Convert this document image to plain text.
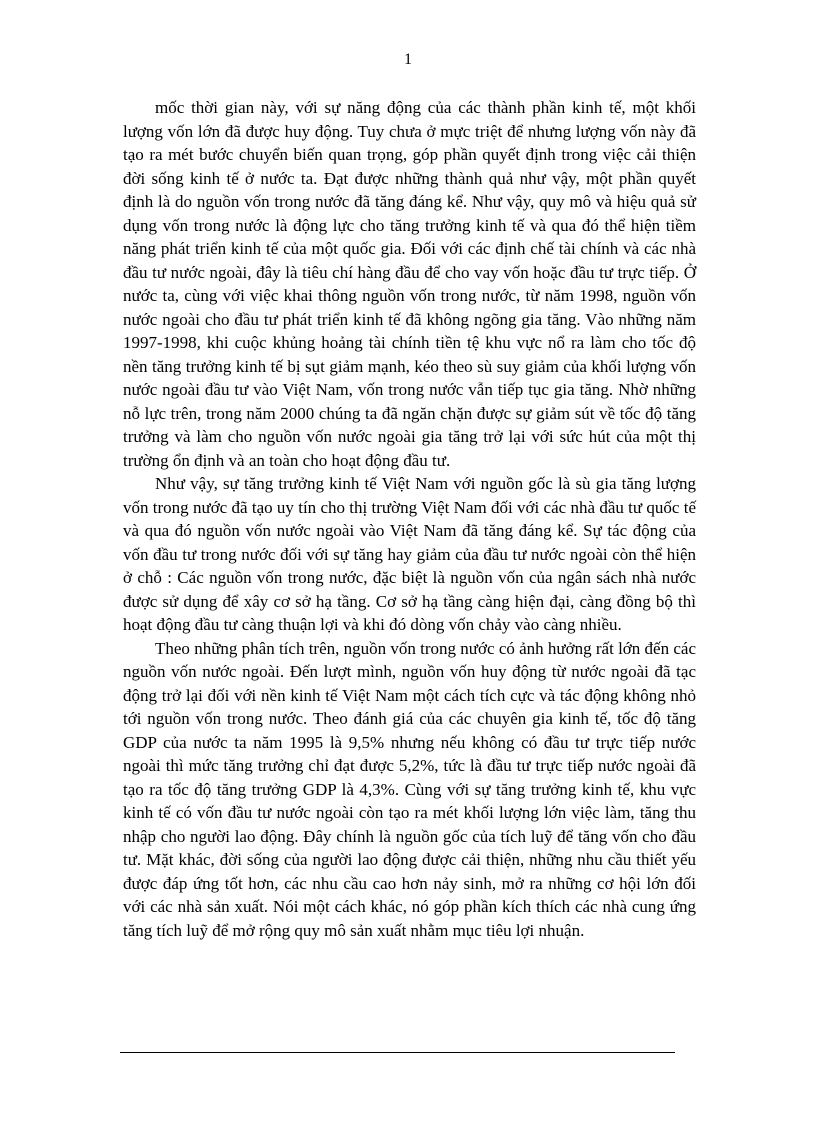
1

mốc thời gian này, với sự năng động của các thành phần kinh tế, một khối lượng vốn lớn đã được huy động. Tuy chưa ở mực triệt để nhưng lượng vốn này đã tạo ra mét bước chuyển biến quan trọng, góp phần quyết định trong việc cải thiện đời sống kinh tế ở nước ta. Đạt được những thành quả như vậy, một phần quyết định là do nguồn vốn trong nước đã tăng đáng kể. Như vậy, quy mô và hiệu quả sử dụng vốn trong nước là động lực cho tăng trưởng kinh tế và qua đó thể hiện tiềm năng phát triển kinh tế của một quốc gia. Đối với các định chế tài chính và các nhà đầu tư nước ngoài, đây là tiêu chí hàng đầu để cho vay vốn hoặc đầu tư trực tiếp. Ở nước ta, cùng với việc khai thông nguồn vốn trong nước, từ năm 1998, nguồn vốn nước ngoài cho đầu tư phát triển kinh tế đã không ngõng gia tăng. Vào những năm 1997-1998, khi cuộc khủng hoảng tài chính tiền tệ khu vực nổ ra làm cho tốc độ nền tăng trưởng kinh tế bị sụt giảm mạnh, kéo theo sù suy giảm của khối lượng vốn nước ngoài đầu tư vào Việt Nam, vốn trong nước vẫn tiếp tục gia tăng. Nhờ những nỗ lực trên, trong năm 2000 chúng ta đã ngăn chặn được sự giảm sút về tốc độ tăng trưởng và làm cho nguồn vốn nước ngoài gia tăng trở lại với sức hút của một thị trường ổn định và an toàn cho hoạt động đầu tư.

Như vậy, sự tăng trưởng kinh tế Việt Nam với nguồn gốc là sù gia tăng lượng vốn trong nước đã tạo uy tín cho thị trường Việt Nam đối với các nhà đầu tư quốc tế và qua đó nguồn vốn nước ngoài vào Việt Nam đã tăng đáng kể. Sự tác động của vốn đầu tư trong nước đối với sự tăng hay giảm của đầu tư nước ngoài còn thể hiện ở chỗ : Các nguồn vốn trong nước, đặc biệt là nguồn vốn của ngân sách nhà nước được sử dụng để xây cơ sở hạ tầng. Cơ sở hạ tầng càng hiện đại, càng đồng bộ thì hoạt động đầu tư càng thuận lợi và khi đó dòng vốn chảy vào càng nhiều.

Theo những phân tích trên, nguồn vốn trong nước có ảnh hưởng rất lớn đến các nguồn vốn nước ngoài. Đến lượt mình, nguồn vốn huy động từ nước ngoài đã tạc động trở lại đối với nền kinh tế Việt Nam một cách tích cực và tác động không nhỏ tới nguồn vốn trong nước. Theo đánh giá của các chuyên gia kinh tế, tốc độ tăng GDP của nước ta năm 1995 là 9,5% nhưng nếu không có đầu tư trực tiếp nước ngoài thì mức tăng trưởng chỉ đạt được 5,2%, tức là đầu tư trực tiếp nước ngoài đã tạo ra tốc độ tăng trưởng GDP là 4,3%. Cùng với sự tăng trưởng kinh tế, khu vực kinh tế có vốn đầu tư nước ngoài còn tạo ra mét khối lượng lớn việc làm, tăng thu nhập cho người lao động. Đây chính là nguồn gốc của tích luỹ để tăng vốn cho đầu tư. Mặt khác, đời sống của người lao động được cải thiện, những nhu cầu thiết yếu được đáp ứng tốt hơn, các nhu cầu cao hơn nảy sinh, mở ra những cơ hội lớn đối với các nhà sản xuất. Nói một cách khác, nó góp phần kích thích các nhà cung ứng tăng tích luỹ để mở rộng quy mô sản xuất nhằm mục tiêu lợi nhuận.
